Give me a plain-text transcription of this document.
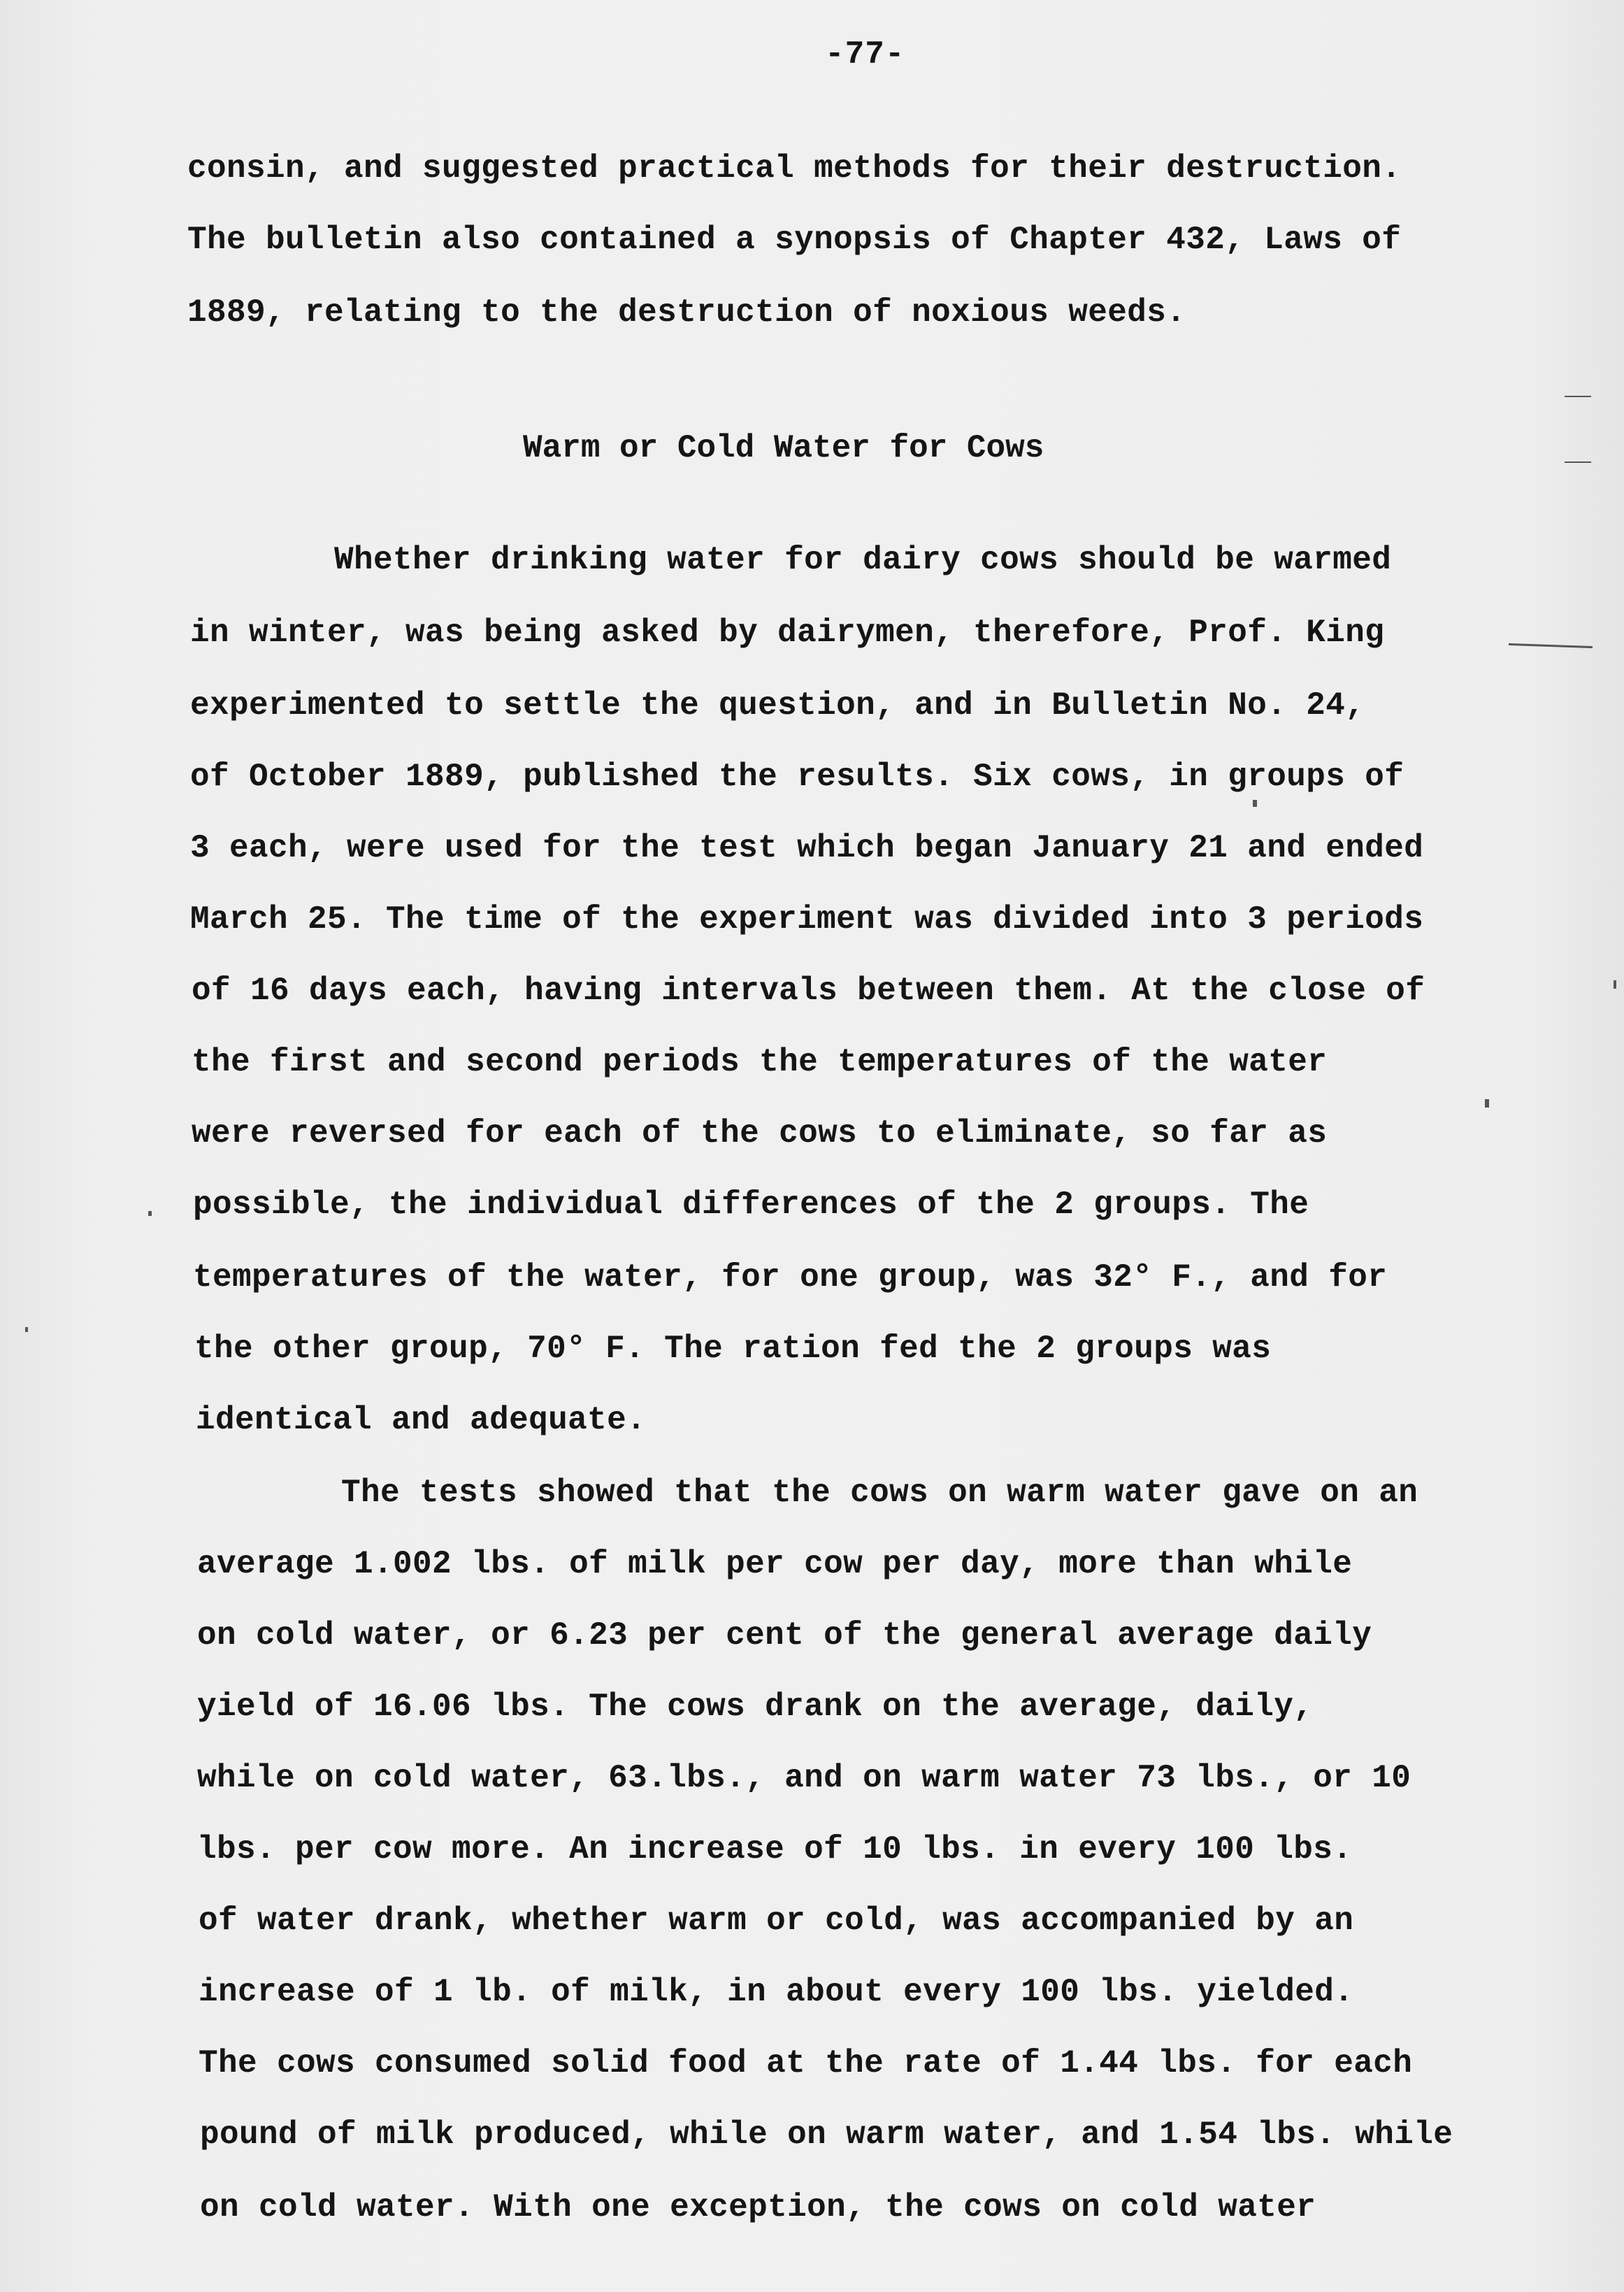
-77-
consin, and suggested practical methods for their destruction.
The bulletin also contained a synopsis of Chapter 432, Laws of
1889, relating to the destruction of noxious weeds.
Warm or Cold Water for Cows
Whether drinking water for dairy cows should be warmed
in winter, was being asked by dairymen, therefore, Prof. King
experimented to settle the question, and in Bulletin No. 24,
of October 1889, published the results. Six cows, in groups of
3 each, were used for the test which began January 21 and ended
March 25. The time of the experiment was divided into 3 periods
of 16 days each, having intervals between them. At the close of
the first and second periods the temperatures of the water
were reversed for each of the cows to eliminate, so far as
possible, the individual differences of the 2 groups. The
temperatures of the water, for one group, was 32° F., and for
the other group, 70° F. The ration fed the 2 groups was
identical and adequate.
The tests showed that the cows on warm water gave on an
average 1.002 lbs. of milk per cow per day, more than while
on cold water, or 6.23 per cent of the general average daily
yield of 16.06 lbs. The cows drank on the average, daily,
while on cold water, 63.lbs., and on warm water 73 lbs., or 10
lbs. per cow more. An increase of 10 lbs. in every 100 lbs.
of water drank, whether warm or cold, was accompanied by an
increase of 1 lb. of milk, in about every 100 lbs. yielded.
The cows consumed solid food at the rate of 1.44 lbs. for each
pound of milk produced, while on warm water, and 1.54 lbs. while
on cold water. With one exception, the cows on cold water
